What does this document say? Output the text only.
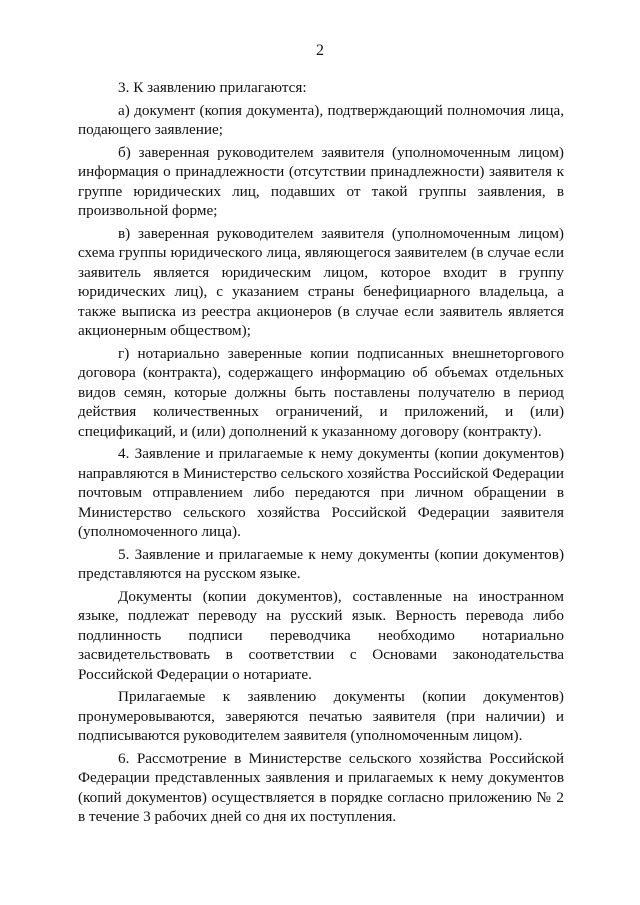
2

3. К заявлению прилагаются:

а) документ (копия документа), подтверждающий полномочия лица, подающего заявление;

б) заверенная руководителем заявителя (уполномоченным лицом) информация о принадлежности (отсутствии принадлежности) заявителя к группе юридических лиц, подавших от такой группы заявления, в произвольной форме;

в) заверенная руководителем заявителя (уполномоченным лицом) схема группы юридического лица, являющегося заявителем (в случае если заявитель является юридическим лицом, которое входит в группу юридических лиц), с указанием страны бенефициарного владельца, а также выписка из реестра акционеров (в случае если заявитель является акционерным обществом);

г) нотариально заверенные копии подписанных внешнеторгового договора (контракта), содержащего информацию об объемах отдельных видов семян, которые должны быть поставлены получателю в период действия количественных ограничений, и приложений, и (или) спецификаций, и (или) дополнений к указанному договору (контракту).

4. Заявление и прилагаемые к нему документы (копии документов) направляются в Министерство сельского хозяйства Российской Федерации почтовым отправлением либо передаются при личном обращении в Министерство сельского хозяйства Российской Федерации заявителя (уполномоченного лица).

5. Заявление и прилагаемые к нему документы (копии документов) представляются на русском языке.

Документы (копии документов), составленные на иностранном языке, подлежат переводу на русский язык. Верность перевода либо подлинность подписи переводчика необходимо нотариально засвидетельствовать в соответствии с Основами законодательства Российской Федерации о нотариате.

Прилагаемые к заявлению документы (копии документов) пронумеровываются, заверяются печатью заявителя (при наличии) и подписываются руководителем заявителя (уполномоченным лицом).

6. Рассмотрение в Министерстве сельского хозяйства Российской Федерации представленных заявления и прилагаемых к нему документов (копий документов) осуществляется в порядке согласно приложению № 2 в течение 3 рабочих дней со дня их поступления.
